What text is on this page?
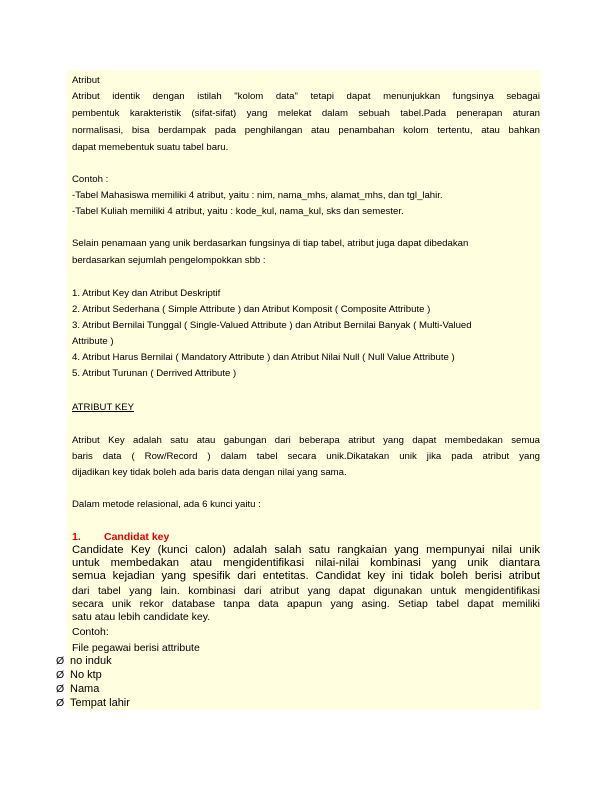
Atribut
Atribut identik dengan istilah "kolom data" tetapi dapat menunjukkan fungsinya sebagai
pembentuk karakteristik (sifat-sifat) yang melekat dalam sebuah tabel.Pada penerapan aturan
normalisasi, bisa berdampak pada penghilangan atau penambahan kolom tertentu, atau bahkan
dapat memebentuk suatu tabel baru.
Contoh :
-Tabel Mahasiswa memiliki 4 atribut, yaitu : nim, nama_mhs, alamat_mhs, dan tgl_lahir.
-Tabel Kuliah memiliki 4 atribut, yaitu : kode_kul, nama_kul, sks dan semester.
Selain penamaan yang unik berdasarkan fungsinya di tiap tabel, atribut juga dapat dibedakan
berdasarkan sejumlah pengelompokkan sbb :
1. Atribut Key dan Atribut Deskriptif
2. Atribut Sederhana ( Simple Attribute ) dan Atribut Komposit ( Composite Attribute )
3. Atribut Bernilai Tunggal ( Single-Valued Attribute ) dan Atribut Bernilai Banyak ( Multi-Valued
Attribute )
4. Atribut Harus Bernilai ( Mandatory Attribute ) dan Atribut Nilai Null ( Null Value Attribute )
5. Atribut Turunan ( Derrived Attribute )
ATRIBUT KEY
Atribut Key adalah satu atau gabungan dari beberapa atribut yang dapat membedakan semua
baris data ( Row/Record ) dalam tabel secara unik.Dikatakan unik jika pada atribut yang
dijadikan key tidak boleh ada baris data dengan nilai yang sama.
Dalam metode relasional, ada 6 kunci yaitu :
1. Candidat key
Candidate Key (kunci calon) adalah salah satu rangkaian yang mempunyai nilai unik
untuk membedakan atau mengidentifikasi nilai-nilai kombinasi yang unik diantara
semua kejadian yang spesifik dari entetitas. Candidat key ini tidak boleh berisi atribut
dari tabel yang lain. kombinasi dari atribut yang dapat digunakan untuk mengidentifikasi
secara unik rekor database tanpa data apapun yang asing. Setiap tabel dapat memiliki
satu atau lebih candidate key.
Contoh:
File pegawai berisi attribute
Ø no induk
Ø No ktp
Ø Nama
Ø Tempat lahir
